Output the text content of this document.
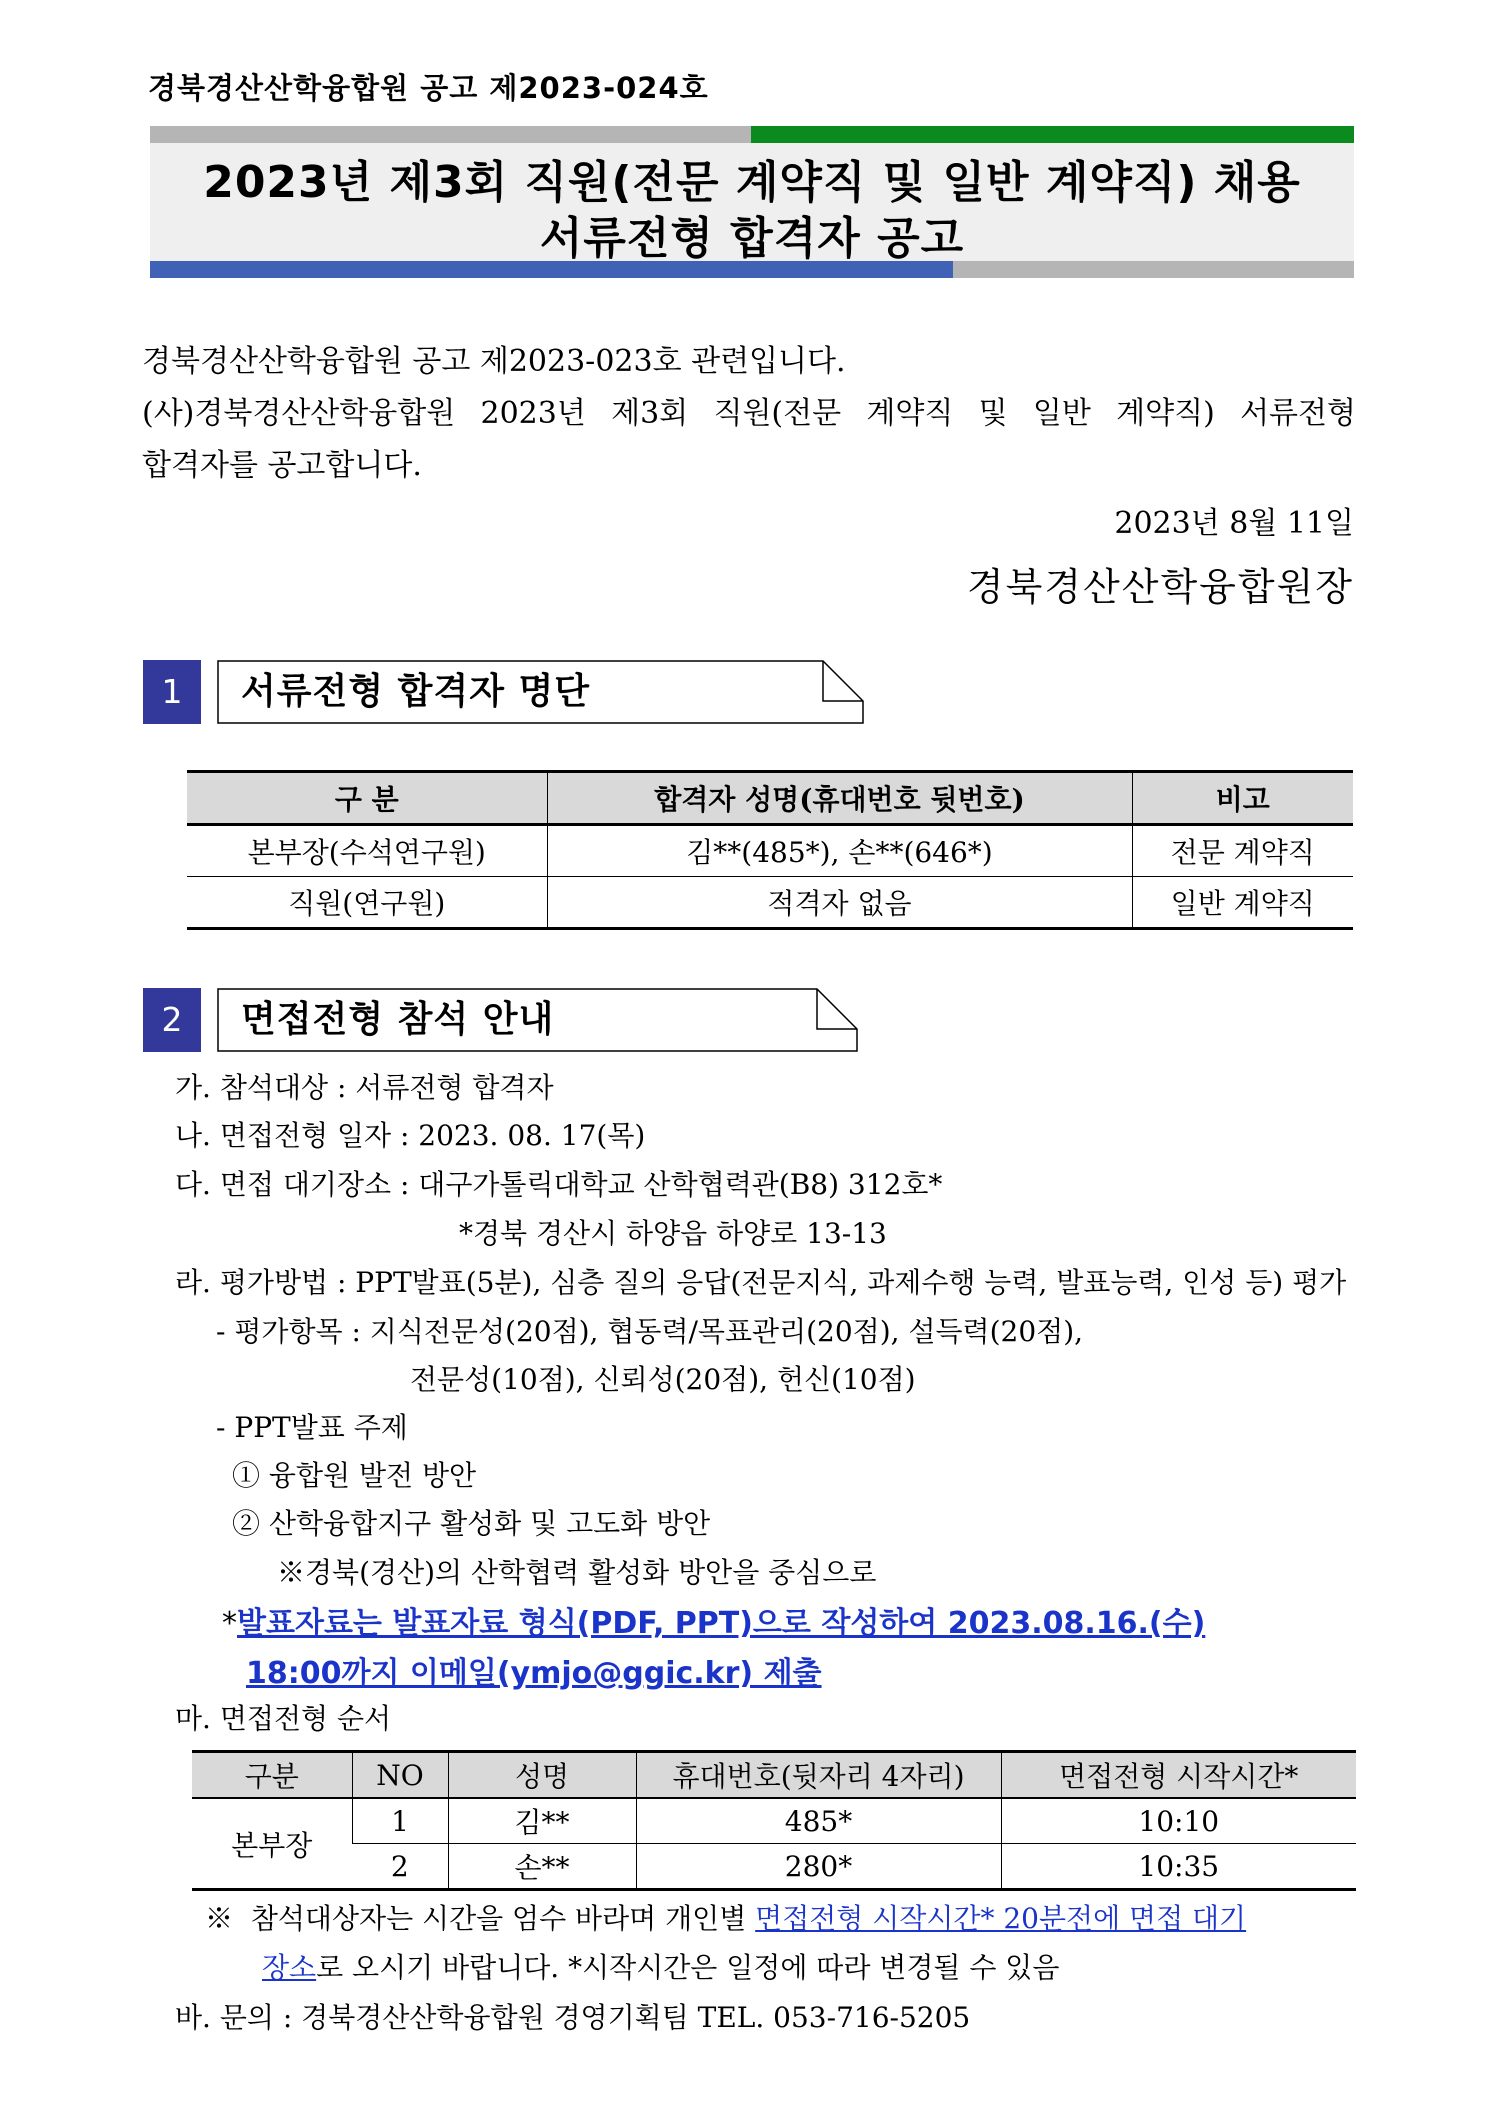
경북경산산학융합원 공고 제2023-024호
2023년 제3회 직원(전문 계약직 및 일반 계약직) 채용
서류전형 합격자 공고
경북경산산학융합원 공고 제2023-023호 관련입니다.
(사)경북경산산학융합원 2023년 제3회 직원(전문 계약직 및 일반 계약직) 서류전형
합격자를 공고합니다.
2023년 8월 11일
경북경산산학융합원장
1	서류전형 합격자 명단
구 분	합격자 성명(휴대번호 뒷번호)	비고
본부장(수석연구원)	김**(485*), 손**(646*)	전문 계약직
직원(연구원)	적격자 없음	일반 계약직
2	면접전형 참석 안내
가. 참석대상 : 서류전형 합격자
나. 면접전형 일자 : 2023. 08. 17(목)
다. 면접 대기장소 : 대구가톨릭대학교 산학협력관(B8) 312호*
*경북 경산시 하양읍 하양로 13-13
라. 평가방법 : PPT발표(5분), 심층 질의 응답(전문지식, 과제수행 능력, 발표능력, 인성 등) 평가
- 평가항목 : 지식전문성(20점), 협동력/목표관리(20점), 설득력(20점),
전문성(10점), 신뢰성(20점), 헌신(10점)
- PPT발표 주제
① 융합원 발전 방안
② 산학융합지구 활성화 및 고도화 방안
※경북(경산)의 산학협력 활성화 방안을 중심으로
*발표자료는 발표자료 형식(PDF, PPT)으로 작성하여 2023.08.16.(수)
18:00까지 이메일(ymjo@ggic.kr) 제출
마. 면접전형 순서
구분	NO	성명	휴대번호(뒷자리 4자리)	면접전형 시작시간*
본부장	1	김**	485*	10:10
	2	손**	280*	10:35
※ 참석대상자는 시간을 엄수 바라며 개인별 면접전형 시작시간* 20분전에 면접 대기
장소로 오시기 바랍니다. *시작시간은 일정에 따라 변경될 수 있음
바. 문의 : 경북경산산학융합원 경영기획팀 TEL. 053-716-5205
